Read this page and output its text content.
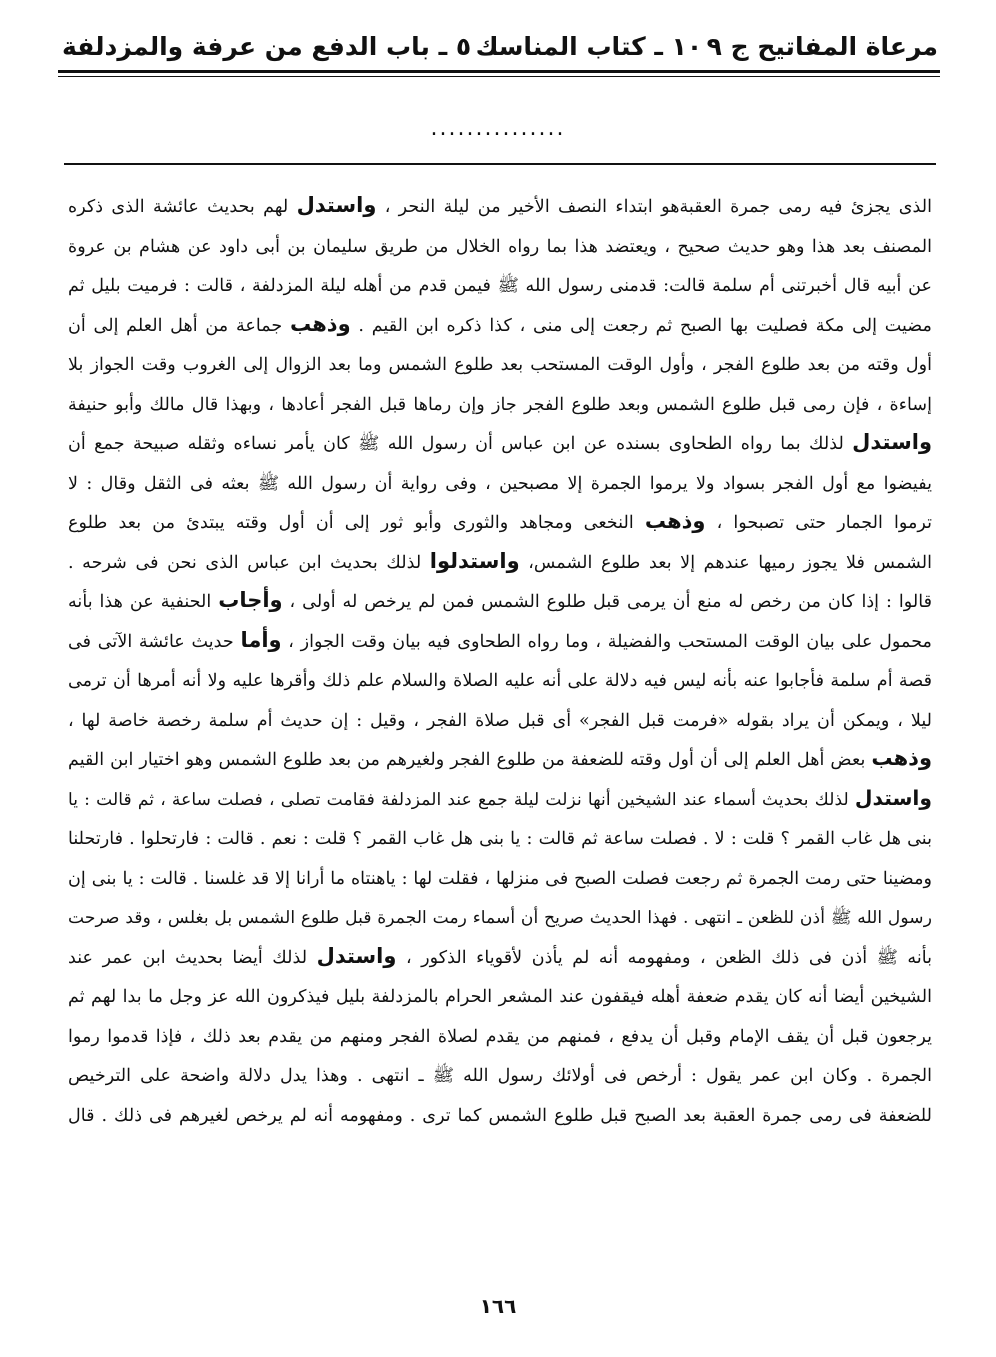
مرعاة المفاتيح ج ٩
١٠ ـ كتاب المناسك
٥ ـ باب الدفع من عرفة والمزدلفة
...............
الذى يجزئ فيه رمى جمرة العقبةهو ابتداء النصف الأخير من ليلة النحر ، واستدل لهم بحديث عائشة الذى ذكره
المصنف بعد هذا وهو حديث صحيح ، ويعتضد هذا بما رواه الخلال من طريق سليمان بن أبى داود عن هشام بن عروة
عن أبيه قال أخبرتنى أم سلمة قالت: قدمنى رسول الله ﷺ فيمن قدم من أهله ليلة المزدلفة ، قالت : فرميت بليل ثم
مضيت إلى مكة فصليت بها الصبح ثم رجعت إلى منى ، كذا ذكره ابن القيم . وذهب جماعة من أهل العلم إلى أن
أول وقته من بعد طلوع الفجر ، وأول الوقت المستحب بعد طلوع الشمس وما بعد الزوال إلى الغروب وقت الجواز بلا
إساءة ، فإن رمى قبل طلوع الشمس وبعد طلوع الفجر جاز وإن رماها قبل الفجر أعادها ، وبهذا قال مالك وأبو حنيفة
واستدل لذلك بما رواه الطحاوى بسنده عن ابن عباس أن رسول الله ﷺ كان يأمر نساءه وثقله صبيحة جمع أن
يفيضوا مع أول الفجر بسواد ولا يرموا الجمرة إلا مصبحين ، وفى رواية أن رسول الله ﷺ بعثه فى الثقل وقال : لا
ترموا الجمار حتى تصبحوا ، وذهب النخعى ومجاهد والثورى وأبو ثور إلى أن أول وقته يبتدئ من بعد طلوع
الشمس فلا يجوز رميها عندهم إلا بعد طلوع الشمس، واستدلوا لذلك بحديث ابن عباس الذى نحن فى شرحه .
قالوا : إذا كان من رخص له منع أن يرمى قبل طلوع الشمس فمن لم يرخص له أولى ، وأجاب الحنفية عن هذا بأنه
محمول على بيان الوقت المستحب والفضيلة ، وما رواه الطحاوى فيه بيان وقت الجواز ، وأما حديث عائشة الآتى فى
قصة أم سلمة فأجابوا عنه بأنه ليس فيه دلالة على أنه عليه الصلاة والسلام علم ذلك وأقرها عليه ولا أنه أمرها أن ترمى
ليلا ، ويمكن أن يراد بقوله «فرمت قبل الفجر» أى قبل صلاة الفجر ، وقيل : إن حديث أم سلمة رخصة خاصة لها ،
وذهب بعض أهل العلم إلى أن أول وقته للضعفة من طلوع الفجر ولغيرهم من بعد طلوع الشمس وهو اختيار ابن القيم
واستدل لذلك بحديث أسماء عند الشيخين أنها نزلت ليلة جمع عند المزدلفة فقامت تصلى ، فصلت ساعة ، ثم قالت : يا
بنى هل غاب القمر ؟ قلت : لا . فصلت ساعة ثم قالت : يا بنى هل غاب القمر ؟ قلت : نعم . قالت : فارتحلوا . فارتحلنا
ومضينا حتى رمت الجمرة ثم رجعت فصلت الصبح فى منزلها ، فقلت لها : ياهنتاه ما أرانا إلا قد غلسنا . قالت : يا بنى إن
رسول الله ﷺ أذن للظعن ـ انتهى . فهذا الحديث صريح أن أسماء رمت الجمرة قبل طلوع الشمس بل بغلس ، وقد صرحت
بأنه ﷺ أذن فى ذلك الظعن ، ومفهومه أنه لم يأذن لأقوياء الذكور ، واستدل لذلك أيضا بحديث ابن عمر عند
الشيخين أيضا أنه كان يقدم ضعفة أهله فيقفون عند المشعر الحرام بالمزدلفة بليل فيذكرون الله عز وجل ما بدا لهم ثم
يرجعون قبل أن يقف الإمام وقبل أن يدفع ، فمنهم من يقدم لصلاة الفجر ومنهم من يقدم بعد ذلك ، فإذا قدموا رموا
الجمرة . وكان ابن عمر يقول : أرخص فى أولائك رسول الله ﷺ ـ انتهى . وهذا يدل دلالة واضحة على الترخيص
للضعفة فى رمى جمرة العقبة بعد الصبح قبل طلوع الشمس كما ترى . ومفهومه أنه لم يرخص لغيرهم فى ذلك . قال
١٦٦
